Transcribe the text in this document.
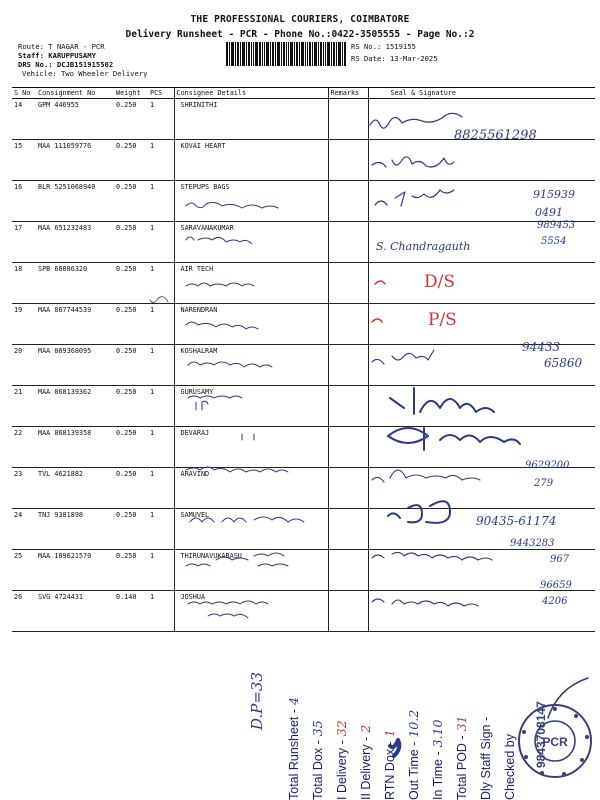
THE PROFESSIONAL COURIERS, COIMBATORE
Delivery Runsheet - PCR - Phone No.:0422-3505555 - Page No.:2
Route: T NAGAR - PCR
Staff: KARUPPUSAMY
DRS No.: DCJB151915502
Vehicle: Two Wheeler Delivery
RS No.: 1519155
RS Date: 13-Mar-2025
S No	Consignment No	Weight	PCS	Consignee Details	Remarks	Seal & Signature
14	GPM 446955	0.250	1	SHRINITHI		
15	MAA 111059776	0.250	1	KOVAI HEART		
16	BLR 5251068940	0.250	1	STEPUPS BAGS		
17	MAA 651232483	0.250	1	SARAVANAKUMAR		
18	SPB 60086320	0.250	1	AIR TECH		
19	MAA 867744539	0.250	1	NARENDRAN		
20	MAA 869368095	0.250	1	KOSHALRAM		
21	MAA 868139362	0.250	1	GURUSAMY		
22	MAA 868139358	0.250	1	DEVARAJ		
23	TVL 4621882	0.250	1	ARAVIND		
24	TNJ 9381898	0.250	1	SAMUVEL		
25	MAA 109621570	0.250	1	THIRUNAVUKARASU		
26	SVG 4724431	0.140	1	JOSHUA		
8825561298
915939
0491
989453
5554
S. Chandragauth
D/S
P/S
94433
65860
9629200
279
90435-61174
9443283
967
96659
4206
D.P=33
Total Runsheet -4
Total Dox -35
I Delivery -32
II Delivery -2
RTN Dox -1
Out Time -10.2
In Time -3.10
Total POD -31 Dly Staff Sign - Checked by PCR
9843708147
